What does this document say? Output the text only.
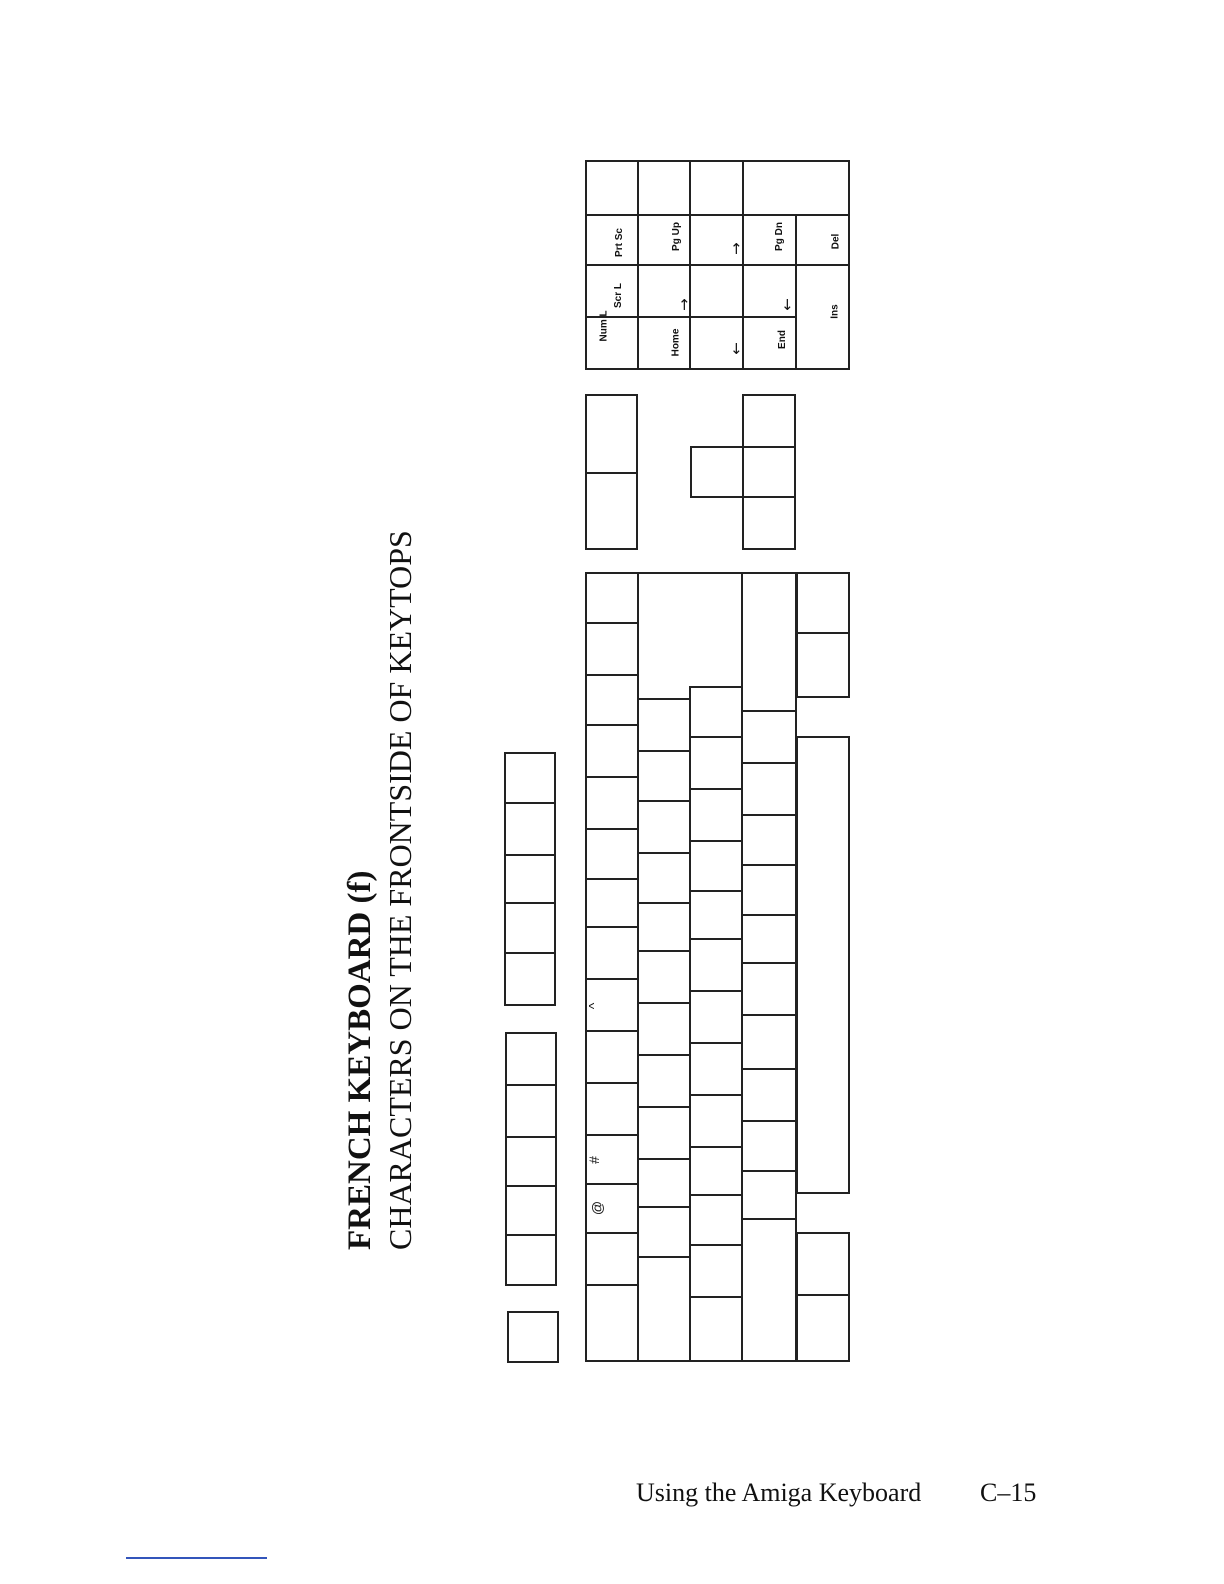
FRENCH KEYBOARD (f) CHARACTERS ON THE FRONTSIDE OF KEYTOPS	@
#
^
Scr L
Prt Sc
Home
Pg Up
End
Pg Dn
Ins
Del
↑
↓
↑
↓
Using the Amiga Keyboard C–15
